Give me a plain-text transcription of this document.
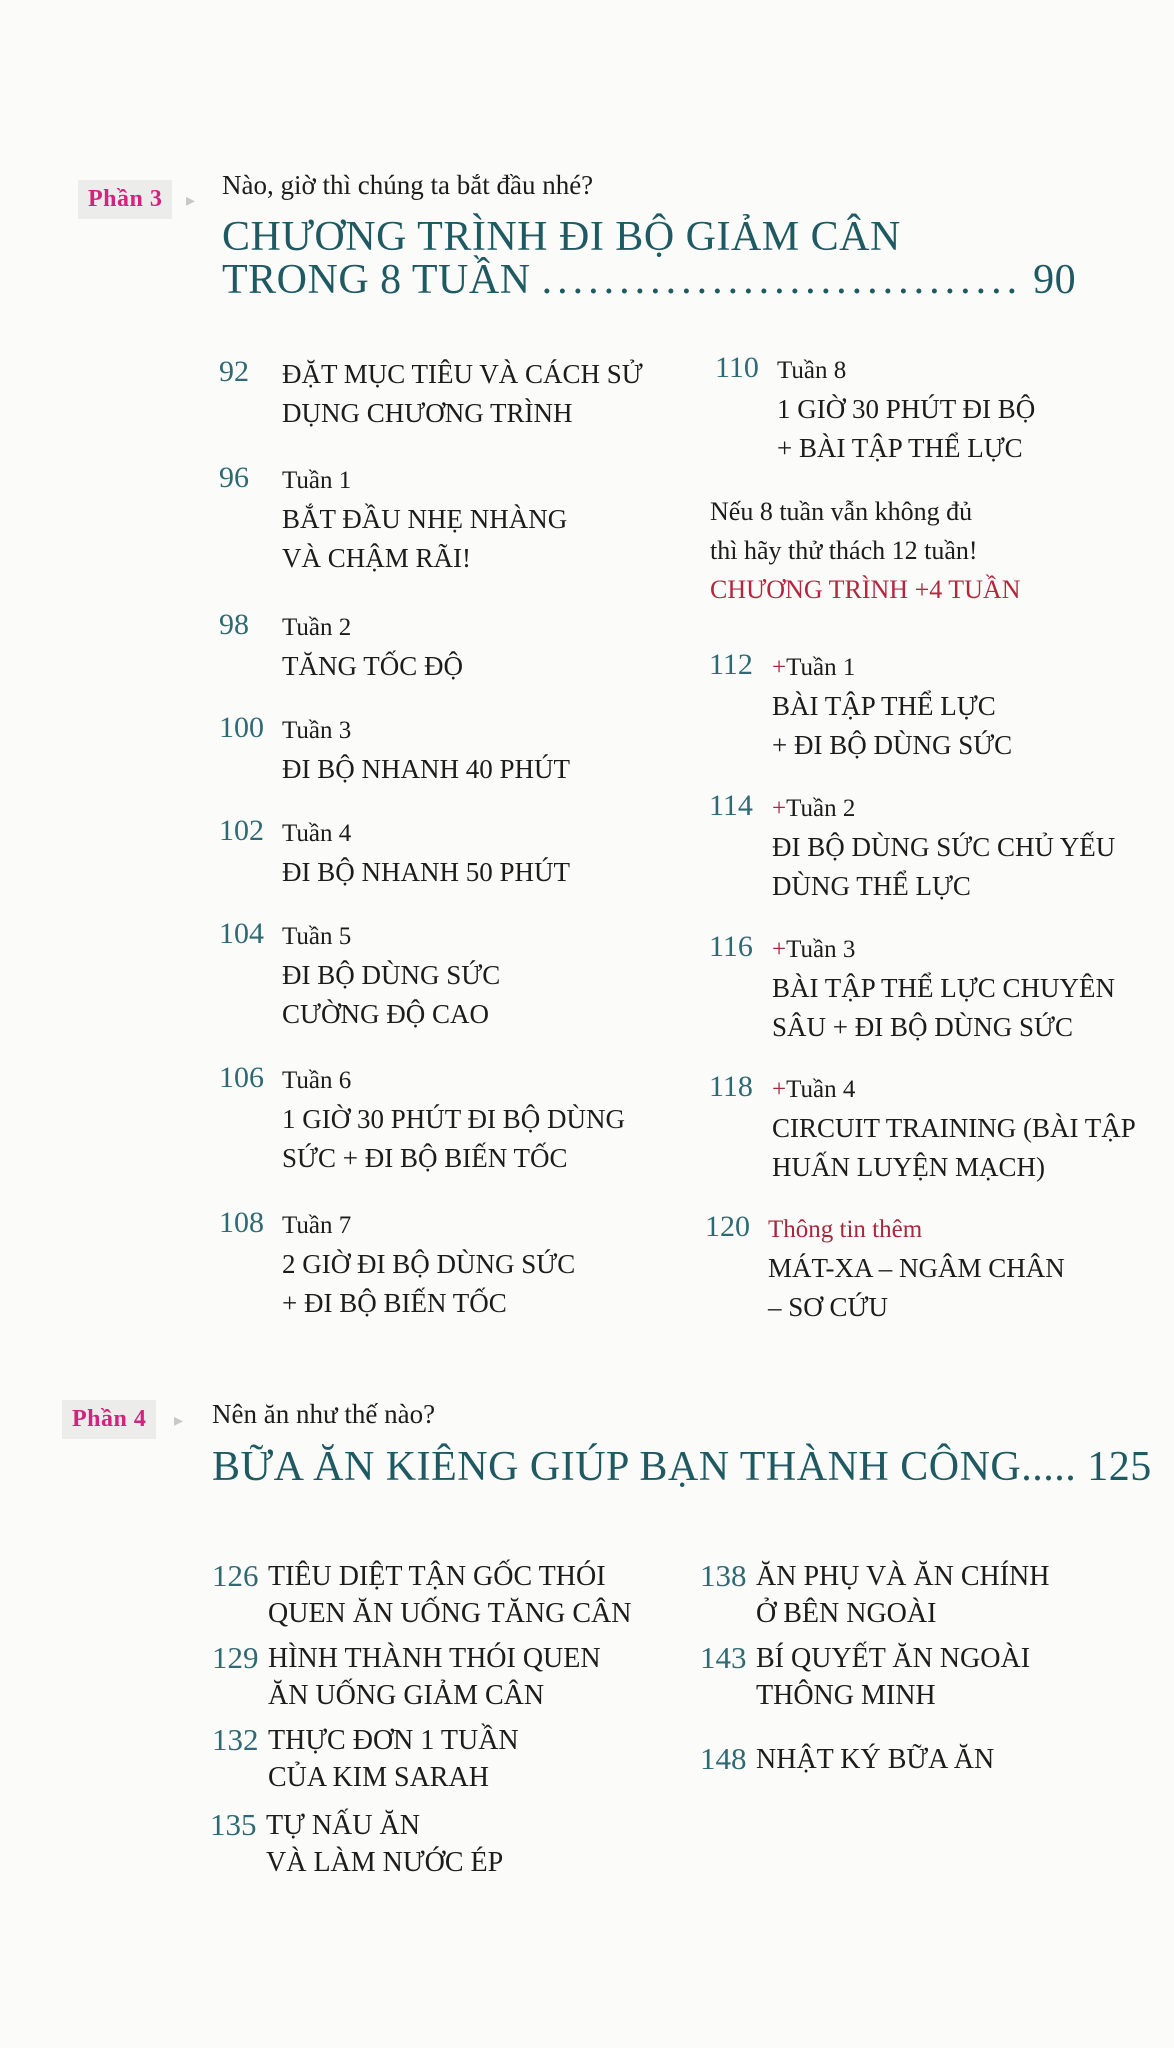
Phần 3	▸ Nào, giờ thì chúng ta bắt đầu nhé?
CHƯƠNG TRÌNH ĐI BỘ GIẢM CÂN
TRONG 8 TUẦN ............................... 90
92 ĐẶT MỤC TIÊU VÀ CÁCH SỬ
DỤNG CHƯƠNG TRÌNH
96 Tuần 1
BẮT ĐẦU NHẸ NHÀNG
VÀ CHẬM RÃI!
98 Tuần 2
TĂNG TỐC ĐỘ
100 Tuần 3
ĐI BỘ NHANH 40 PHÚT
102 Tuần 4
ĐI BỘ NHANH 50 PHÚT
104 Tuần 5
ĐI BỘ DÙNG SỨC
CƯỜNG ĐỘ CAO
106 Tuần 6
1 GIỜ 30 PHÚT ĐI BỘ DÙNG
SỨC + ĐI BỘ BIẾN TỐC
108 Tuần 7
2 GIỜ ĐI BỘ DÙNG SỨC
+ ĐI BỘ BIẾN TỐC
110 Tuần 8
1 GIỜ 30 PHÚT ĐI BỘ
+ BÀI TẬP THỂ LỰC
Nếu 8 tuần vẫn không đủ
thì hãy thử thách 12 tuần!
CHƯƠNG TRÌNH +4 TUẦN
112 +Tuần 1
BÀI TẬP THỂ LỰC
+ ĐI BỘ DÙNG SỨC
114 +Tuần 2
ĐI BỘ DÙNG SỨC CHỦ YẾU
DÙNG THỂ LỰC
116 +Tuần 3
BÀI TẬP THỂ LỰC CHUYÊN
SÂU + ĐI BỘ DÙNG SỨC
118 +Tuần 4
CIRCUIT TRAINING (BÀI TẬP
HUẤN LUYỆN MẠCH)
120 Thông tin thêm
MÁT-XA – NGÂM CHÂN
– SƠ CỨU
Phần 4	▸ Nên ăn như thế nào?
BỮA ĂN KIÊNG GIÚP BẠN THÀNH CÔNG..... 125
126 TIÊU DIỆT TẬN GỐC THÓI
QUEN ĂN UỐNG TĂNG CÂN
129 HÌNH THÀNH THÓI QUEN
ĂN UỐNG GIẢM CÂN
132 THỰC ĐƠN 1 TUẦN
CỦA KIM SARAH
135 TỰ NẤU ĂN
VÀ LÀM NƯỚC ÉP
138 ĂN PHỤ VÀ ĂN CHÍNH
Ở BÊN NGOÀI
143 BÍ QUYẾT ĂN NGOÀI
THÔNG MINH
148 NHẬT KÝ BỮA ĂN
